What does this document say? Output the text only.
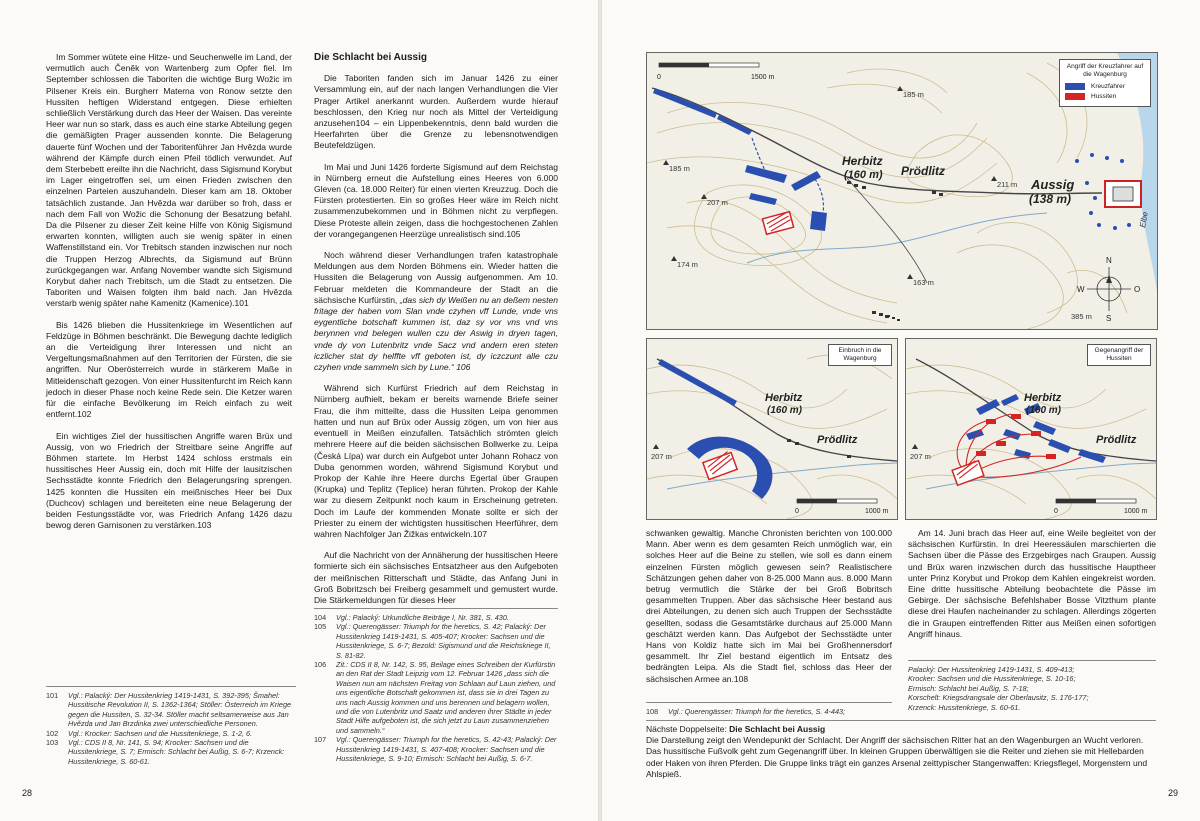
Im Sommer wütete eine Hitze- und Seuchenwelle im Land, der vermutlich auch Čeněk von Wartenberg zum Opfer fiel. Im September schlossen die Taboriten die wichtige Burg Wožic im Pilsener Kreis ein. Burgherr Materna von Ronow setzte den Hussiten heftigen Widerstand entgegen. Diese erhielten schließlich Verstärkung durch das Heer der Waisen. Das vereinte Heer war nun so stark, dass es auch eine starke Abteilung gegen die gemäßigten Prager aussenden konnte. Die Belagerung dauerte fünf Wochen und der Taboritenführer Jan Hvězda wurde während der Kämpfe durch einen Pfeil tödlich verwundet. Auf dem Sterbebett ereilte ihn die Nachricht, dass Sigismund Korybut im Lager eingetroffen sei, um einen Frieden zwischen den einzelnen Parteien auszuhandeln. Dieser kam am 18. Oktober tatsächlich zustande. Jan Hvězda war darüber so froh, dass er nach dem Fall von Wožic die Schonung der Besatzung befahl. Da die Pilsener zu dieser Zeit keine Hilfe von König Sigismund erwarten konnten, willigten auch sie wenig später in einen Waffenstillstand ein. Vor Trebitsch standen inzwischen nur noch die Truppen Herzog Albrechts, da Sigismund auf Brünn zurückgegangen war. Anfang November wandte sich Sigismund Korybut daher nach Trebitsch, um die Stadt zu entsetzen. Die Taboriten und Waisen folgten ihm bald nach. Jan Hvězda verstarb wenig später nahe Kamenitz (Kamenice).101

Bis 1426 blieben die Hussitenkriege im Wesentlichen auf Feldzüge in Böhmen beschränkt. Die Bewegung dachte lediglich an die Verteidigung ihrer Interessen und nicht an Vergeltungsmaßnahmen auf den Territorien der Fürsten, die sie angriffen. Nur Oberösterreich wurde in stärkerem Maße in Mitleidenschaft gezogen. Von einer Hussitenfurcht im Reich kann jedoch in dieser Phase noch keine Rede sein. Die Ketzer waren für die einfache Bevölkerung im Reich einfach zu weit entfernt.102

Ein wichtiges Ziel der hussitischen Angriffe waren Brüx und Aussig, von wo Friedrich der Streitbare seine Angriffe auf Böhmen startete. Im Herbst 1424 schloss erstmals ein hussitisches Heer Aussig ein, doch mit Hilfe der lausitzischen Sechsstädte konnte Friedrich den Belagerungsring sprengen. 1425 konnten die Hussiten ein meißnisches Heer bei Dux (Duchcov) schlagen und bereiteten eine neue Belagerung der beiden Festungsstädte vor, was Friedrich Anfang 1426 dazu bewog deren Garnisonen zu verstärken.103

Die Schlacht bei Aussig

Die Taboriten fanden sich im Januar 1426 zu einer Versammlung ein, auf der nach langen Verhandlungen die Vier Prager Artikel anerkannt wurden. Außerdem wurde hierauf beschlossen, den Krieg nur noch als Mittel der Verteidigung anzusehen104 – ein Lippenbekenntnis, denn bald wurden die Heerfahrten über die Grenze zu lebensnotwendigen Beutefeldzügen.

Im Mai und Juni 1426 forderte Sigismund auf dem Reichstag in Nürnberg erneut die Aufstellung eines Heeres von 6.000 Gleven (ca. 18.000 Reiter) für einen vierten Kreuzzug. Doch die Fürsten protestierten. Ein so großes Heer wäre im Reich nicht zusammenzubekommen und in Böhmen nicht zu verpflegen. Diese Proteste allein zeigen, dass die hochgestochenen Zahlen der vorangegangenen Heerzüge unrealistisch sind.105

Noch während dieser Verhandlungen trafen katastrophale Meldungen aus dem Norden Böhmens ein. Wieder hatten die Hussiten die Belagerung von Aussig aufgenommen. Am 10. Februar meldeten die Kommandeure der Stadt an die sächsische Kurfürstin, „das sich dy Weißen nu an deßem nesten fritage der haben vom Slan vnde czyhen vff Lunde, vnde vns eygentliche botschaft kummen ist, daz sy vor vns vnd vns berynnen vnd belegen wullen czu der Aswig in dryen tagen, vnde dy von Lutenbritz vnde Sacz vnd andern eren steten iczlicher stat dy helffte vff geboten ist, dy iczczunt alle czu czyhen vnde sammeln sich by Lune.“ 106

Während sich Kurfürst Friedrich auf dem Reichstag in Nürnberg aufhielt, bekam er bereits warnende Briefe seiner Frau, die ihm mitteilte, dass die Hussiten Leipa genommen hatten und nun auf Brüx oder Aussig zögen, um von hier aus eventuell in Meißen einzufallen. Tatsächlich strömten gleich mehrere Heere auf die beiden sächsischen Bollwerke zu. Leipa (Česká Lípa) war durch ein Aufgebot unter Johann Rohacz von Duba genommen worden, während Sigismund Korybut und Prokop der Kahle ihre Heere durchs Egertal über Graupen (Krupka) und Teplitz (Teplice) heran führten. Prokop der Kahle war zu diesem Zeitpunkt noch kaum in Erscheinung getreten. Doch im Laufe der kommenden Monate sollte er sich der Priester zu einem der wichtigsten hussitischen Heerführer, dem wahren Nachfolger Jan Žižkas entwickeln.107

Auf die Nachricht von der Annäherung der hussitischen Heere formierte sich ein sächsisches Entsatzheer aus den Aufgeboten der meißnischen Ritterschaft und Städte, das Anfang Juni in Groß Bobritzsch bei Freiberg gesammelt und gemustert wurde. Die Stärkemeldungen für dieses Heer

101	Vgl.: Palacký: Der Hussitenkrieg 1419-1431, S. 392-395; Šmahel: Hussitische Revolution II, S. 1362-1364; Stöller: Österreich im Kriege gegen die Hussiten, S. 32-34. Stöller macht seltsamerweise aus Jan Hvězda und Jan Brzdinka zwei unterschiedliche Personen.
102	Vgl.: Krocker: Sachsen und die Hussitenkriege, S. 1-2, 6.
103	Vgl.: CDS II 8, Nr. 141, S. 94; Krocker: Sachsen und die Hussitenkriege, S. 7; Ermisch: Schlacht bei Außig, S. 6-7; Krzenck: Hussitenkriege, S. 60-61.
104	Vgl.: Palacký: Urkundliche Beiträge I, Nr. 381, S. 430.
105	Vgl.: Querengässer: Triumph for the heretics, S. 42; Palacký: Der Hussitenkrieg 1419-1431, S. 405-407; Krocker: Sachsen und die Hussitenkriege, S. 6-7; Bezold: Sigismund und die Reichskriege II, S. 81-82.
106	Zit.: CDS II 8, Nr. 142, S. 95, Beilage eines Schreiben der Kurfürstin an den Rat der Stadt Leipzig vom 12. Februar 1426 „dass sich die Waisen nun am nächsten Freitag von Schlaan auf Laun ziehen, und uns eigentliche Botschaft gekommen ist, dass sie in drei Tagen zu uns nach Aussig kommen und uns berennen und belagern wollen, und die von Lutenbritz und Saatz und anderen ihrer Städte in jeder Stadt Hilfe aufgeboten ist, die sich jetzt zu Laun zusammenziehen und sammeln.“
107	Vgl.: Querengässer: Triumph for the heretics, S. 42-43; Palacký: Der Hussitenkrieg 1419-1431, S. 407-408; Krocker: Sachsen und die Hussitenkriege, S. 9-10; Ermisch: Schlacht bei Außig, S. 6-7.
28	29
0	1500 m
185 m
185 m
207 m
174 m
163 m
211 m
385 m
Herbitz
(160 m) Prödlitz
Aussig
(138 m)
Elbe
N
O
S
W
Angriff der Kreuzfahrer auf die Wagenburg
Kreuzfahrer
Hussiten
207 m
Herbitz
(160 m)
Prödlitz
0	1000 m
Einbruch in die Wagenburg
207 m
Herbitz
(160 m)
Prödlitz
0	1000 m
Gegenangriff der Hussiten

schwanken gewaltig. Manche Chronisten berichten von 100.000 Mann. Aber wenn es dem gesamten Reich unmöglich war, ein solches Heer auf die Beine zu stellen, wie soll es dann einem einzelnen Fürsten möglich gewesen sein? Realistischere Schätzungen gehen daher von 8-25.000 Mann aus. 8.000 Mann betrug vermutlich die Stärke der bei Groß Bobritsch gesammelten Truppen. Aber das sächsische Heer bestand aus drei Abteilungen, zu denen sich auch Truppen der Sechsstädte gesellten, sodass die Gesamtstärke durchaus auf 25.000 Mann geschätzt werden kann. Das Aufgebot der Sechsstädte unter Hans von Koldiz hatte sich im Mai bei Großhennersdorf gesammelt. Ihr Ziel bestand eigentlich im Entsatz des bedrängten Leipa. Als die Stadt fiel, schloss das Heer der sächsischen Armee an.108

Am 14. Juni brach das Heer auf, eine Weile begleitet von der sächsischen Kurfürstin. In drei Heeressäulen marschierten die Sachsen über die Pässe des Erzgebirges nach Graupen. Aussig und Brüx waren inzwischen durch das hussitische Hauptheer unter Prinz Korybut und Prokop dem Kahlen eingekreist worden. Eine dritte hussitische Abteilung beobachtete die Pässe im Gebirge. Der sächsische Befehlshaber Bosse Vitzthum plante diese drei Haufen nacheinander zu schlagen. Allerdings zögerten die in Graupen eintreffenden Ritter aus Meißen einen sofortigen Angriff hinaus.

108	Vgl.: Querengässer: Triumph for the heretics, S. 4-443;
Palacký: Der Hussitenkrieg 1419-1431, S. 409-413;
Krocker: Sachsen und die Hussitenkriege, S. 10-16;
Ermisch: Schlacht bei Außig, S. 7-18;
Korschelt: Kriegsdrangsale der Oberlausitz, S. 176-177;
Krzenck: Hussitenkriege, S. 60-61.
Nächste Doppelseite: Die Schlacht bei Aussig
Die Darstellung zeigt den Wendepunkt der Schlacht. Der Angriff der sächsischen Ritter hat an den Wagenburgen an Wucht verloren. Das hussitische Fußvolk geht zum Gegenangriff über. In kleinen Gruppen überwältigen sie die Reiter und ziehen sie mit Hellebarden oder Haken von ihren Pferden. Die Gruppe links trägt ein ganzes Arsenal zeittypischer Stangenwaffen: Kriegsflegel, Morgenstern und Ahlspieß.
